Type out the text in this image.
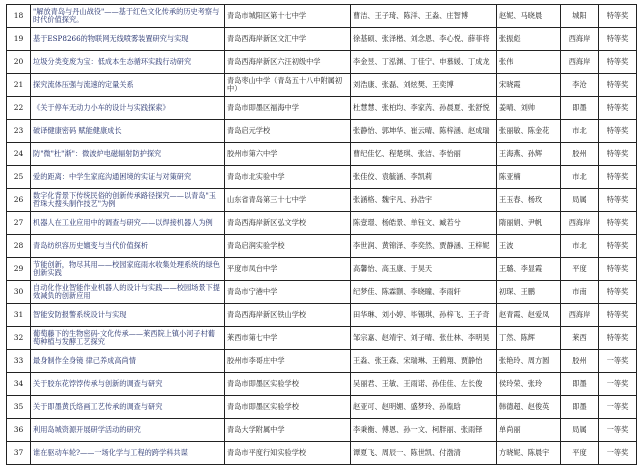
18	"解放青岛与丹山战役"——基于红色文化传承的历史考察与时代价值探究。	青岛市城阳区第十七中学	曹洁、王子琦、陈洋、王淼、庄智博	赵妮、马晓晨	城阳	特等奖
19	基于ESP8266的物联网无线喷雾装置研究与实现	青岛西海岸新区文汇中学	徐基硕、张泽楷、刘念恩、李心悦、薛菲将	张振彪	西海岸	特等奖
20	垃圾分类变废为宝：低成本生态循环实践行动研究	青岛西海岸新区六汪初级中学	李金昱、丁泓渊、丁佳宁、申慕媛、丁成龙	张伟	西海岸	特等奖
21	探究流体压强与流速的定量关系	青岛枣山中学（青岛五十八中附属初中）	刘浩康、张磊、刘炫樊、王奕博	宋晓霞	李沧	特等奖
22	《关于停车无动力小车的设计与实践探索》	青岛市即墨区福海中学	杜慧慧、张柏均、李家芮、孙晨夏、张舒悦	姜晴、刘帅	即墨	特等奖
23	破译健康密码 赋能健康成长	青岛启元学校	张静怡、郭坤华、崔云晴、陈梓涵、赵成瑞	张丽敏、陈金花	市北	特等奖
24	防"微"杜"渐"：微波炉电磁辐射防护探究	胶州市第六中学	曹纪佳忆、程楚琪、张洁、李怡丽	王海燕、孙辉	胶州	特等奖
25	爱的距离：中学生家庭沟通困境的实证与对策研究	青岛市北实验中学	张佳佼、袁毓涵、李凯莉	陈亚楠	市北	特等奖
26	数字化背景下传统民俗的创新传承路径探究——以青岛"玉哲珠大搜头制作技艺"为例	山东省青岛第三十七中学	张涵格、魏宇凡、孙浩宇	王玉春、杨玫	局属	特等奖
27	机器人在工业应用中的调查与研究——以焊接机器人为例	青岛西海岸新区弘文学校	陈壹璟、杨皓景、单钰文、臧若兮	隋丽娟、尹帆	西海岸	特等奖
28	青岛纺织容历史嬗变与当代价值探析	青岛启润实验学校	李世润、黄锦泽、李奕然、贾静涵、王梓妮	王波	市北	特等奖
29	节能创新，物尽其用——校园家庭雨水收集处理系统的绿色创新实践	平度市凤台中学	高馨怡、高玉康、于昊天	王璐、李显霞	平度	特等奖
30	自动化作业智能作业机器人的设计与实践——校园场景下提效减负的创新应用	青岛市宁港中学	纪梦佳、陈霖颢、李晓瞳、李雨轩	初琛、王鹏	市南	特等奖
31	智能安防报警系统设计与实现	青岛西海岸新区铁山学校	田华琳、刘小婷、毕锡琪、孙梓飞、王子奇	赵青霞、赵爱凤	西海岸	特等奖
32	葡萄藤下的生物密码·文化传承——莱西院上镇小河子村葡萄种植与发酵工艺探究	莱西市第七中学	邹宗嘉、赵靖宇、刘子晴、张仕林、李明昊	丁然、陈辉	莱西	特等奖
33	最身制作全身镜 律己养成高尚情	胶州市李哥庄中学	王淼、张王森、宋瑞琳、王鹤翔、贾静怡	张艳玲、周方圆	胶州	一等奖
34	关于胶东花饽饽传承与创新的调查与研究	青岛市即墨区实验学校	吴丽君、王敏、王雨诺、孙佳佳、左长俊	侯玲荣、张玲	即墨	一等奖
35	关于即墨黄氏络画工艺传承的调查与研究	青岛市即墨区实验学校	赵亚可、赵明媚、盛梦玲、孙胤晗	韩德超、赵俊英	即墨	一等奖
36	利用岛城资源开展研学活动的研究	青岛大学附属中学	李秉衡、傅恩、孙一文、柯胖丽、张雨铎	单尚丽	局属	一等奖
37	谁在驱动车轮?——一场化学与工程的跨学科共谋	青岛市平度行知实验学校	谭夏飞、周辰一、陈世凯、付渤清	方晓妮、陈晨宇	平度	一等奖
